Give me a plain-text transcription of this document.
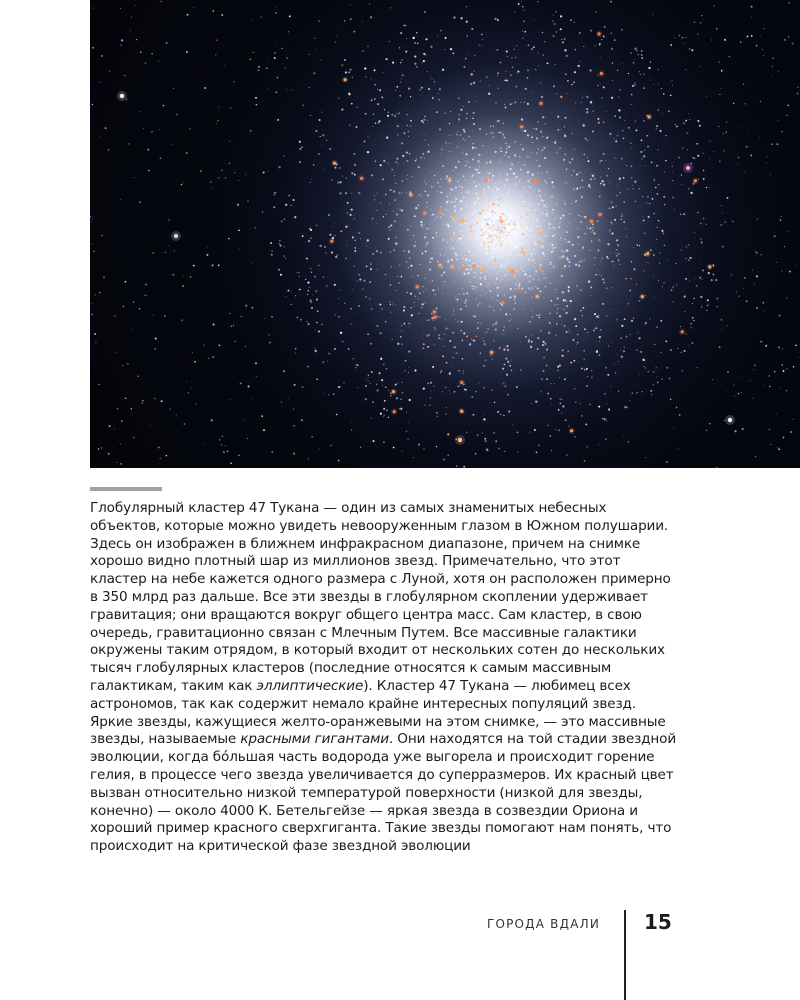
Глобулярный кластер 47 Тукана — один из самых знаменитых небесных объектов, которые можно увидеть невооруженным глазом в Южном полушарии. Здесь он изображен в ближнем инфракрасном диапазоне, причем на снимке хорошо видно плотный шар из миллионов звезд. Примечательно, что этот кластер на небе кажется одного размера с Луной, хотя он расположен примерно в 350 млрд раз дальше. Все эти звезды в глобулярном скоплении удерживает гравитация; они вращаются вокруг общего центра масс. Сам кластер, в свою очередь, гравитационно связан с Млечным Путем. Все массивные галактики окружены таким отрядом, в который входит от нескольких сотен до нескольких тысяч глобулярных кластеров (последние относятся к самым массивным галактикам, таким как эллиптические). Кластер 47 Тукана — любимец всех астрономов, так как содержит немало крайне интересных популяций звезд. Яркие звезды, кажущиеся желто-оранжевыми на этом снимке, — это массивные звезды, называемые красными гигантами. Они находятся на той стадии звездной эволюции, когда бóльшая часть водорода уже выгорела и происходит горение гелия, в процессе чего звезда увеличивается до суперразмеров. Их красный цвет вызван относительно низкой температурой поверхности (низкой для звезды, конечно) — около 4000 К. Бетельгейзе — яркая звезда в созвездии Ориона и хороший пример красного сверхгиганта. Такие звезды помогают нам понять, что происходит на критической фазе звездной эволюции

ГОРОДА ВДАЛИ 15
